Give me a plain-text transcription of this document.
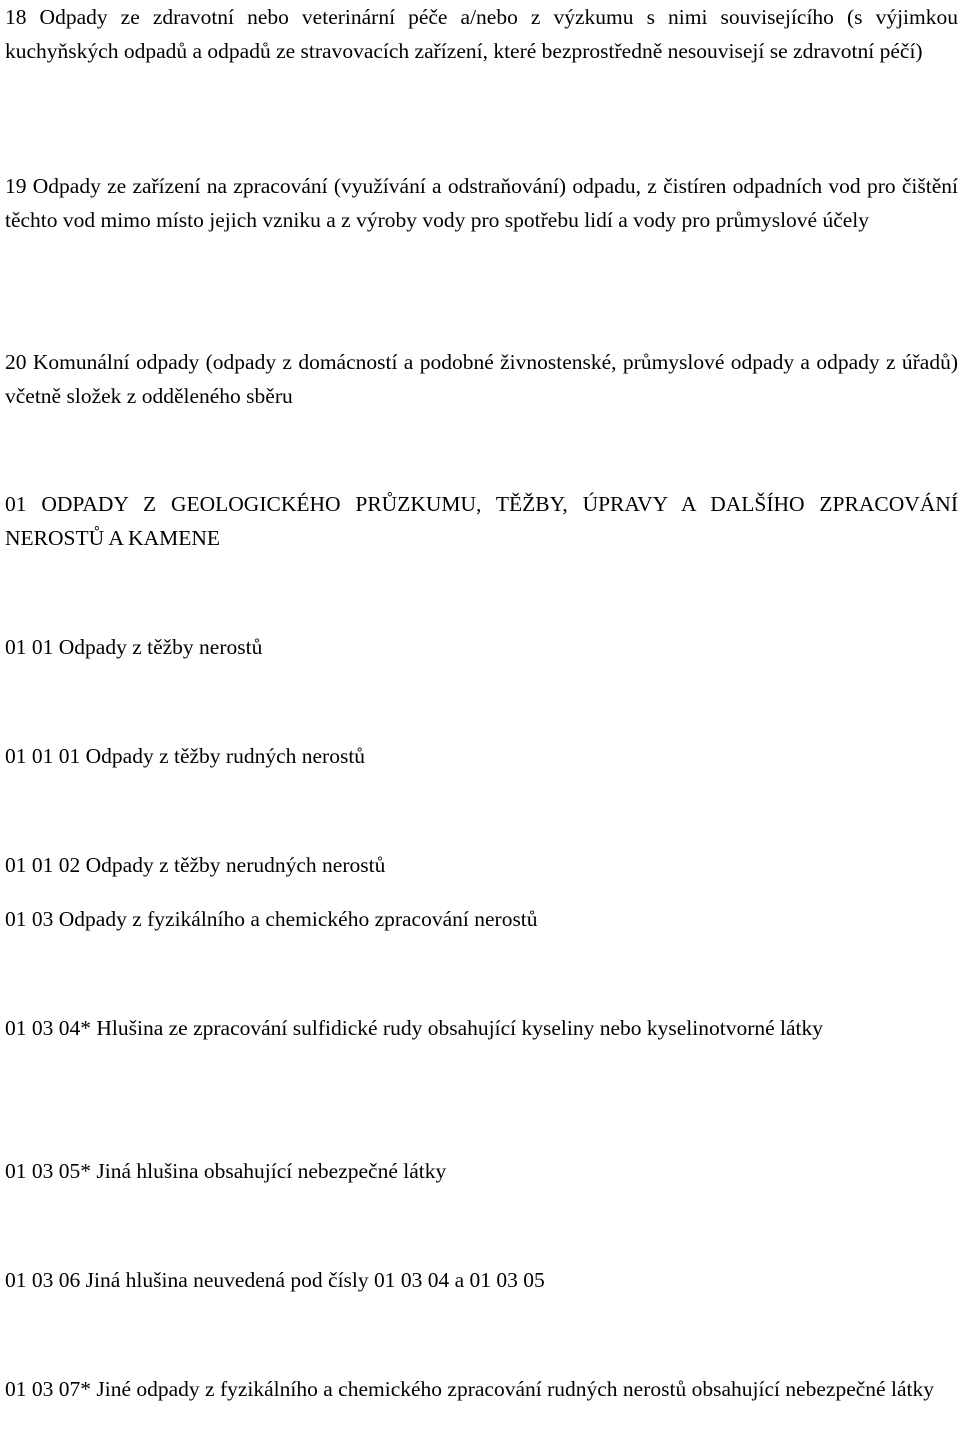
18 Odpady ze zdravotní nebo veterinární péče a/nebo z výzkumu s nimi souvisejícího (s výjimkou kuchyňských odpadů a odpadů ze stravovacích zařízení, které bezprostředně nesouvisejí se zdravotní péčí)

19 Odpady ze zařízení na zpracování (využívání a odstraňování) odpadu, z čistíren odpadních vod pro čištění těchto vod mimo místo jejich vzniku a z výroby vody pro spotřebu lidí a vody pro průmyslové účely

20 Komunální odpady (odpady z domácností a podobné živnostenské, průmyslové odpady a odpady z úřadů) včetně složek z odděleného sběru

01 ODPADY Z GEOLOGICKÉHO PRŮZKUMU, TĚŽBY, ÚPRAVY A DALŠÍHO ZPRACOVÁNÍ NEROSTŮ A KAMENE

01 01 Odpady z těžby nerostů

01 01 01 Odpady z těžby rudných nerostů

01 01 02 Odpady z těžby nerudných nerostů

01 03 Odpady z fyzikálního a chemického zpracování nerostů

01 03 04* Hlušina ze zpracování sulfidické rudy obsahující kyseliny nebo kyselinotvorné látky

01 03 05* Jiná hlušina obsahující nebezpečné látky

01 03 06 Jiná hlušina neuvedená pod čísly 01 03 04 a 01 03 05

01 03 07* Jiné odpady z fyzikálního a chemického zpracování rudných nerostů obsahující nebezpečné látky
